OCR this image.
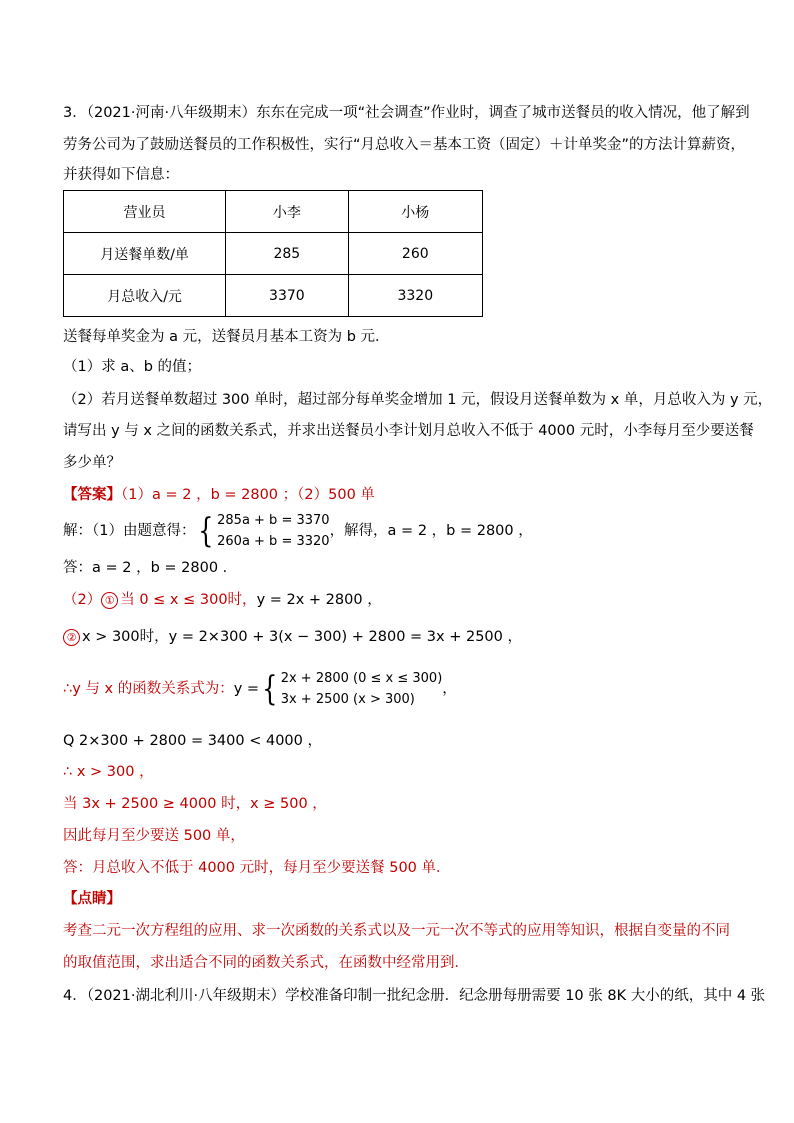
3．（2021·河南·八年级期末）东东在完成一项“社会调查”作业时，调查了城市送餐员的收入情况，他了解到
劳务公司为了鼓励送餐员的工作积极性，实行“月总收入＝基本工资（固定）＋计单奖金”的方法计算薪资，
并获得如下信息：
营业员	小李	小杨
月送餐单数/单	285	260
月总收入/元	3370	3320
送餐每单奖金为 a 元，送餐员月基本工资为 b 元．
（1）求 a、b 的值；
（2）若月送餐单数超过 300 单时，超过部分每单奖金增加 1 元，假设月送餐单数为 x 单，月总收入为 y 元，
请写出 y 与 x 之间的函数关系式，并求出送餐员小李计划月总收入不低于 4000 元时，小李每月至少要送餐
多少单？
【答案】（1）a = 2 ，b = 2800 ；（2）500 单
解：（1）由题意得：{ 285a + b = 3370
260a + b = 3320
，解得，a = 2 ，b = 2800 ，
答：a = 2 ，b = 2800 ．
（2） ① 当 0 ≤ x ≤ 300时，y = 2x + 2800 ，
② x > 300时，y = 2×300 + 3(x − 300) + 2800 = 3x + 2500 ，
∴y 与 x 的函数关系式为：y ={ 2x + 2800 (0 ≤ x ≤ 300)
3x + 2500 (x > 300)
，
Q 2×300 + 2800 = 3400 < 4000 ，
∴ x > 300 ，
当 3x + 2500 ≥ 4000 时，x ≥ 500 ，
因此每月至少要送 500 单，
答：月总收入不低于 4000 元时，每月至少要送餐 500 单．
【点睛】
考查二元一次方程组的应用、求一次函数的关系式以及一元一次不等式的应用等知识，根据自变量的不同
的取值范围，求出适合不同的函数关系式，在函数中经常用到．
4．（2021·湖北利川·八年级期末）学校准备印制一批纪念册．纪念册每册需要 10 张 8K 大小的纸，其中 4 张
